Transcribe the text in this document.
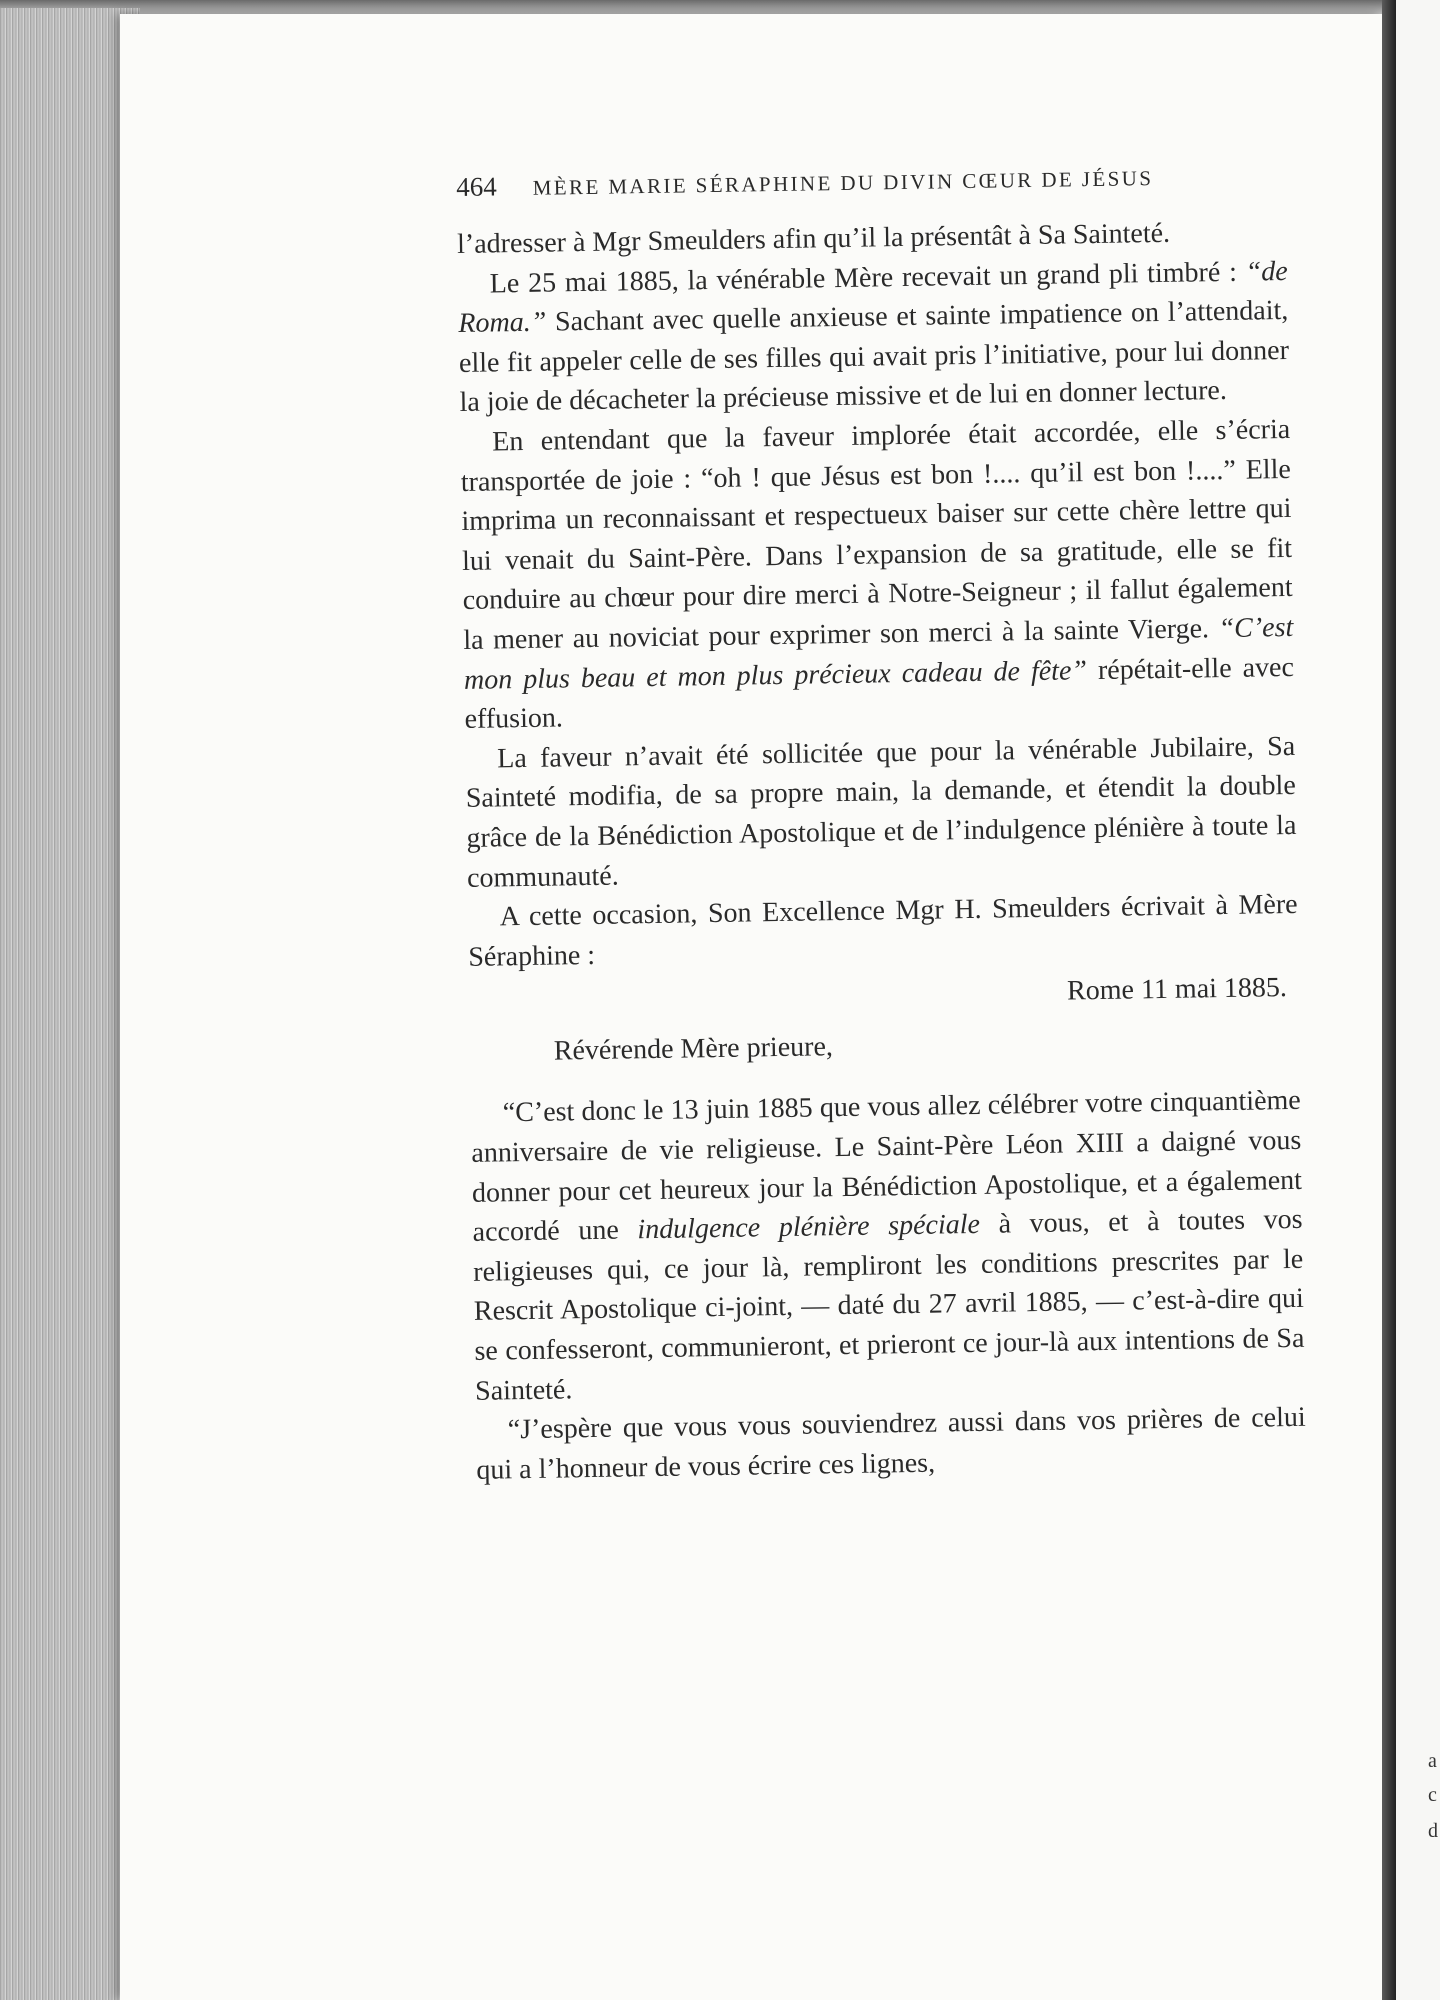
a
c
d
464 MÈRE MARIE SÉRAPHINE DU DIVIN CŒUR DE JÉSUS

l’adresser à Mgr Smeulders afin qu’il la présentât à Sa Sainteté.

Le 25 mai 1885, la vénérable Mère recevait un grand pli timbré : “de Roma.” Sachant avec quelle anxieuse et sainte impatience on l’attendait, elle fit appeler celle de ses filles qui avait pris l’initiative, pour lui donner la joie de décacheter la précieuse missive et de lui en donner lecture.

En entendant que la faveur implorée était accordée, elle s’écria transportée de joie : “oh ! que Jésus est bon !.... qu’il est bon !....” Elle imprima un reconnaissant et respectueux baiser sur cette chère lettre qui lui venait du Saint-Père. Dans l’expansion de sa gratitude, elle se fit conduire au chœur pour dire merci à Notre-Seigneur ; il fallut également la mener au noviciat pour exprimer son merci à la sainte Vierge. “C’est mon plus beau et mon plus précieux cadeau de fête” répétait-elle avec effusion.

La faveur n’avait été sollicitée que pour la vénérable Jubilaire, Sa Sainteté modifia, de sa propre main, la demande, et étendit la double grâce de la Bénédiction Apostolique et de l’indulgence plénière à toute la communauté.

A cette occasion, Son Excellence Mgr H. Smeulders écrivait à Mère Séraphine :

Rome 11 mai 1885.

Révérende Mère prieure,

“C’est donc le 13 juin 1885 que vous allez célébrer votre cinquantième anniversaire de vie religieuse. Le Saint-Père Léon XIII a daigné vous donner pour cet heureux jour la Bénédiction Apostolique, et a également accordé une indulgence plénière spéciale à vous, et à toutes vos religieuses qui, ce jour là, rempliront les conditions prescrites par le Rescrit Apostolique ci-joint, — daté du 27 avril 1885, — c’est-à-dire qui se confesseront, communieront, et prieront ce jour-là aux intentions de Sa Sainteté.

“J’espère que vous vous souviendrez aussi dans vos prières de celui qui a l’honneur de vous écrire ces lignes,
